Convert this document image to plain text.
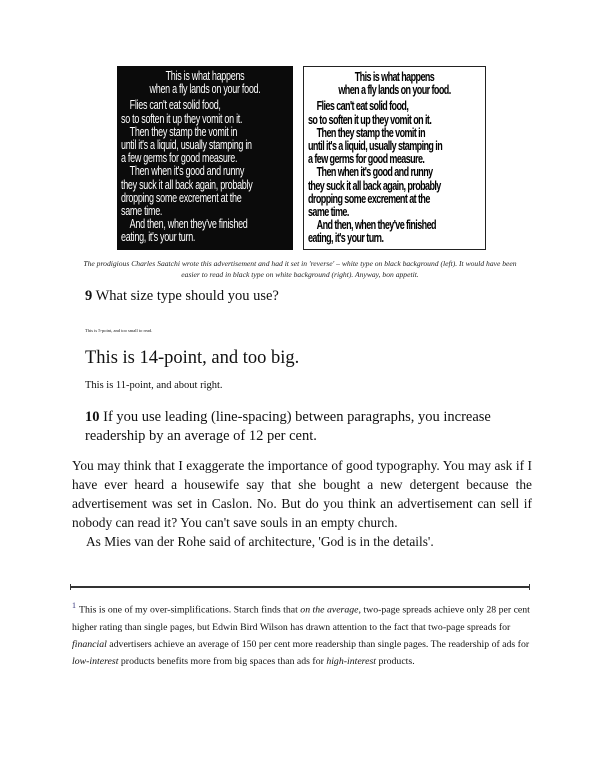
This is what happens
when a fly lands on your food.
Flies can't eat solid food,
so to soften it up they vomit on it.
Then they stamp the vomit in
until it's a liquid, usually stamping in
a few germs for good measure.
Then when it's good and runny
they suck it all back again, probably
dropping some excrement at the
same time.
And then, when they've finished
eating, it's your turn.
This is what happens
when a fly lands on your food.
Flies can't eat solid food,
so to soften it up they vomit on it.
Then they stamp the vomit in
until it's a liquid, usually stamping in
a few germs for good measure.
Then when it's good and runny
they suck it all back again, probably
dropping some excrement at the
same time.
And then, when they've finished
eating, it's your turn.
The prodigious Charles Saatchi wrote this advertisement and had it set in 'reverse' – white type on black background (left). It would have been easier to read in black type on white background (right). Anyway, bon appetit.
9 What size type should you use?
This is 5-point, and too small to read.
This is 14-point, and too big.
This is 11-point, and about right.
10 If you use leading (line-spacing) between paragraphs, you increase readership by an average of 12 per cent.

You may think that I exaggerate the importance of good typography. You may ask if I have ever heard a housewife say that she bought a new detergent because the advertisement was set in Caslon. No. But do you think an advertisement can sell if nobody can read it? You can't save souls in an empty church.

As Mies van der Rohe said of architecture, 'God is in the details'.

$^1$ This is one of my over-simplifications. Starch finds that on the average, two-page spreads achieve only 28 per cent higher rating than single pages, but Edwin Bird Wilson has drawn attention to the fact that two-page spreads for financial advertisers achieve an average of 150 per cent more readership than single pages. The readership of ads for low-interest products benefits more from big spaces than ads for high-interest products.
